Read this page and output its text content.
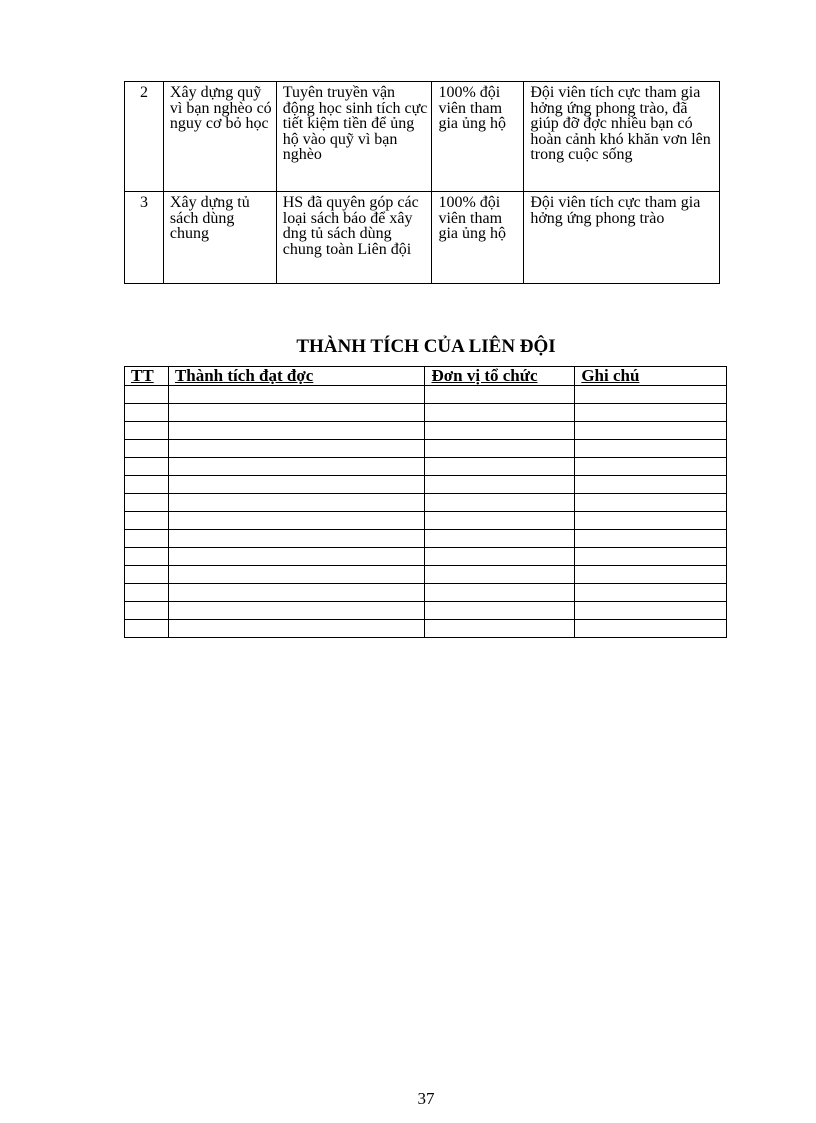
2	Xây dựng quỹ vì bạn nghèo có nguy cơ bỏ học	Tuyên truyền vận động học sinh tích cực tiết kiệm tiền để ủng hộ vào quỹ vì bạn nghèo	100% đội viên tham gia ủng hộ	Đội viên tích cực tham gia hởng ứng phong trào, đã giúp đỡ đợc nhiều bạn có hoàn cảnh khó khăn vơn lên trong cuộc sống

3	Xây dựng tủ sách dùng chung	HS đã quyên góp các loại sách báo để xây dng tủ sách dùng chung toàn Liên đội	100% đội viên tham gia ủng hộ	Đội viên tích cực tham gia hởng ứng phong trào
THÀNH TÍCH CỦA LIÊN ĐỘI
TT	Thành tích đạt đợc	Đơn vị tổ chức	Ghi chú

37
